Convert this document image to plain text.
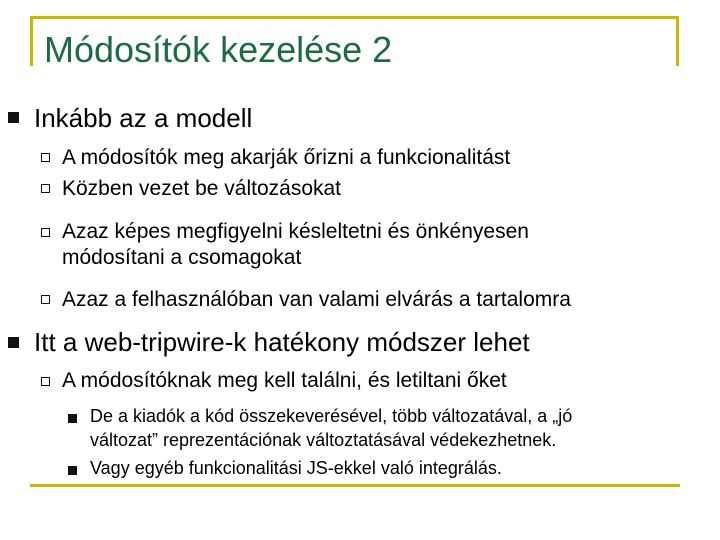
Módosítók kezelése 2
Inkább az a modell
A módosítók meg akarják őrizni a funkcionalitást
Közben vezet be változásokat
Azaz képes megfigyelni késleltetni és önkényesen
módosítani a csomagokat
Azaz a felhasználóban van valami elvárás a tartalomra
Itt a web-tripwire-k hatékony módszer lehet
A módosítóknak meg kell találni, és letiltani őket
De a kiadók a kód összekeverésével, több változatával, a „jó
változat” reprezentációnak változtatásával védekezhetnek.
Vagy egyéb funkcionalitási JS-ekkel való integrálás.
